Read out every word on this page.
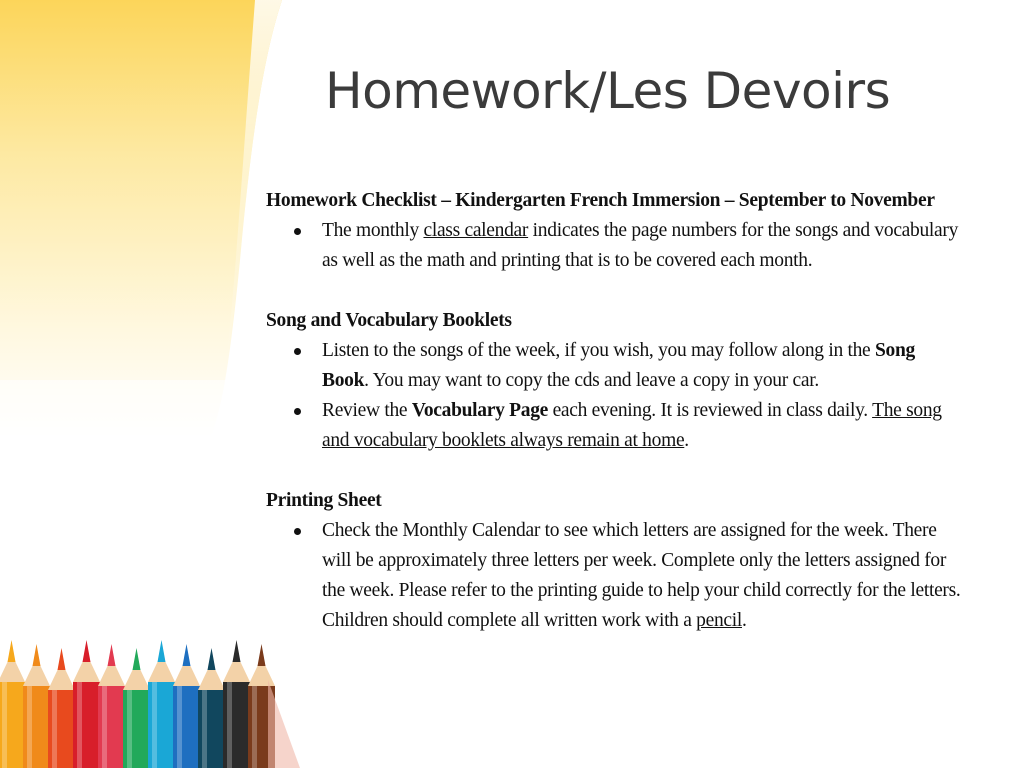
Homework/Les Devoirs

Homework Checklist – Kindergarten French Immersion – September to November

The monthly class calendar indicates the page numbers for the songs and vocabulary as well as the math and printing that is to be covered each month.

Song and Vocabulary Booklets

Listen to the songs of the week, if you wish, you may follow along in the Song Book. You may want to copy the cds and leave a copy in your car.
Review the Vocabulary Page each evening. It is reviewed in class daily. The song and vocabulary booklets always remain at home.

Printing Sheet

Check the Monthly Calendar to see which letters are assigned for the week. There will be approximately three letters per week. Complete only the letters assigned for the week. Please refer to the printing guide to help your child correctly for the letters. Children should complete all written work with a pencil.
